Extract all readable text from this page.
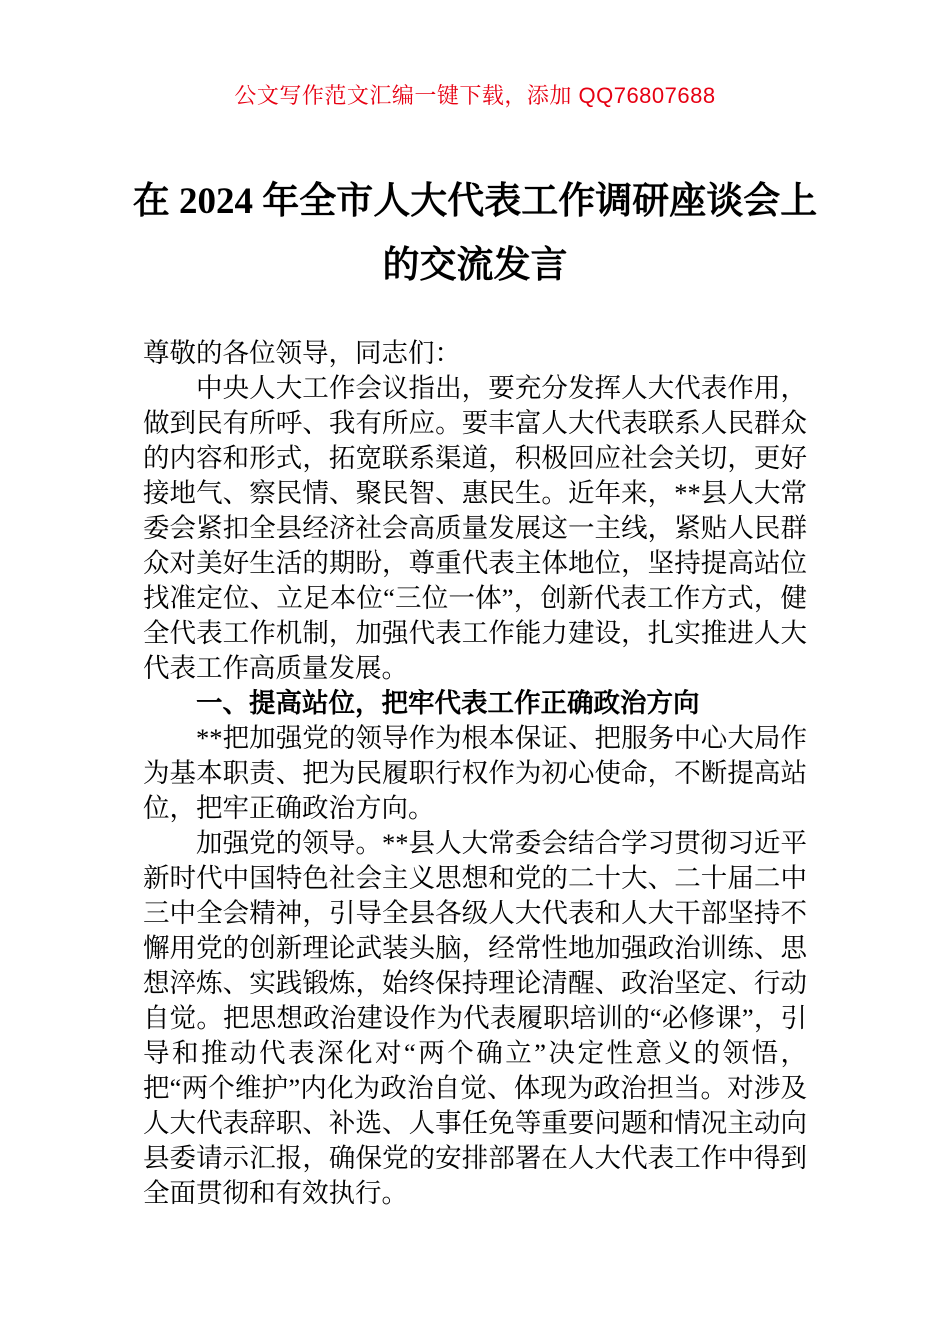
公文写作范文汇编一键下载，添加 QQ76807688
在 2024 年全市人大代表工作调研座谈会上
的交流发言

尊敬的各位领导，同志们：

中央人大工作会议指出，要充分发挥人大代表作用，做到民有所呼、我有所应。要丰富人大代表联系人民群众的内容和形式，拓宽联系渠道，积极回应社会关切，更好接地气、察民情、聚民智、惠民生。近年来，**县人大常委会紧扣全县经济社会高质量发展这一主线，紧贴人民群众对美好生活的期盼，尊重代表主体地位，坚持提高站位找准定位、立足本位“三位一体”，创新代表工作方式，健全代表工作机制，加强代表工作能力建设，扎实推进人大代表工作高质量发展。

一、提高站位，把牢代表工作正确政治方向

**把加强党的领导作为根本保证、把服务中心大局作为基本职责、把为民履职行权作为初心使命，不断提高站位，把牢正确政治方向。

加强党的领导。**县人大常委会结合学习贯彻习近平新时代中国特色社会主义思想和党的二十大、二十届二中三中全会精神，引导全县各级人大代表和人大干部坚持不懈用党的创新理论武装头脑，经常性地加强政治训练、思想淬炼、实践锻炼，始终保持理论清醒、政治坚定、行动自觉。把思想政治建设作为代表履职培训的“必修课”，引导和推动代表深化对“两个确立”决定性意义的领悟，把“两个维护”内化为政治自觉、体现为政治担当。对涉及人大代表辞职、补选、人事任免等重要问题和情况主动向县委请示汇报，确保党的安排部署在人大代表工作中得到全面贯彻和有效执行。
